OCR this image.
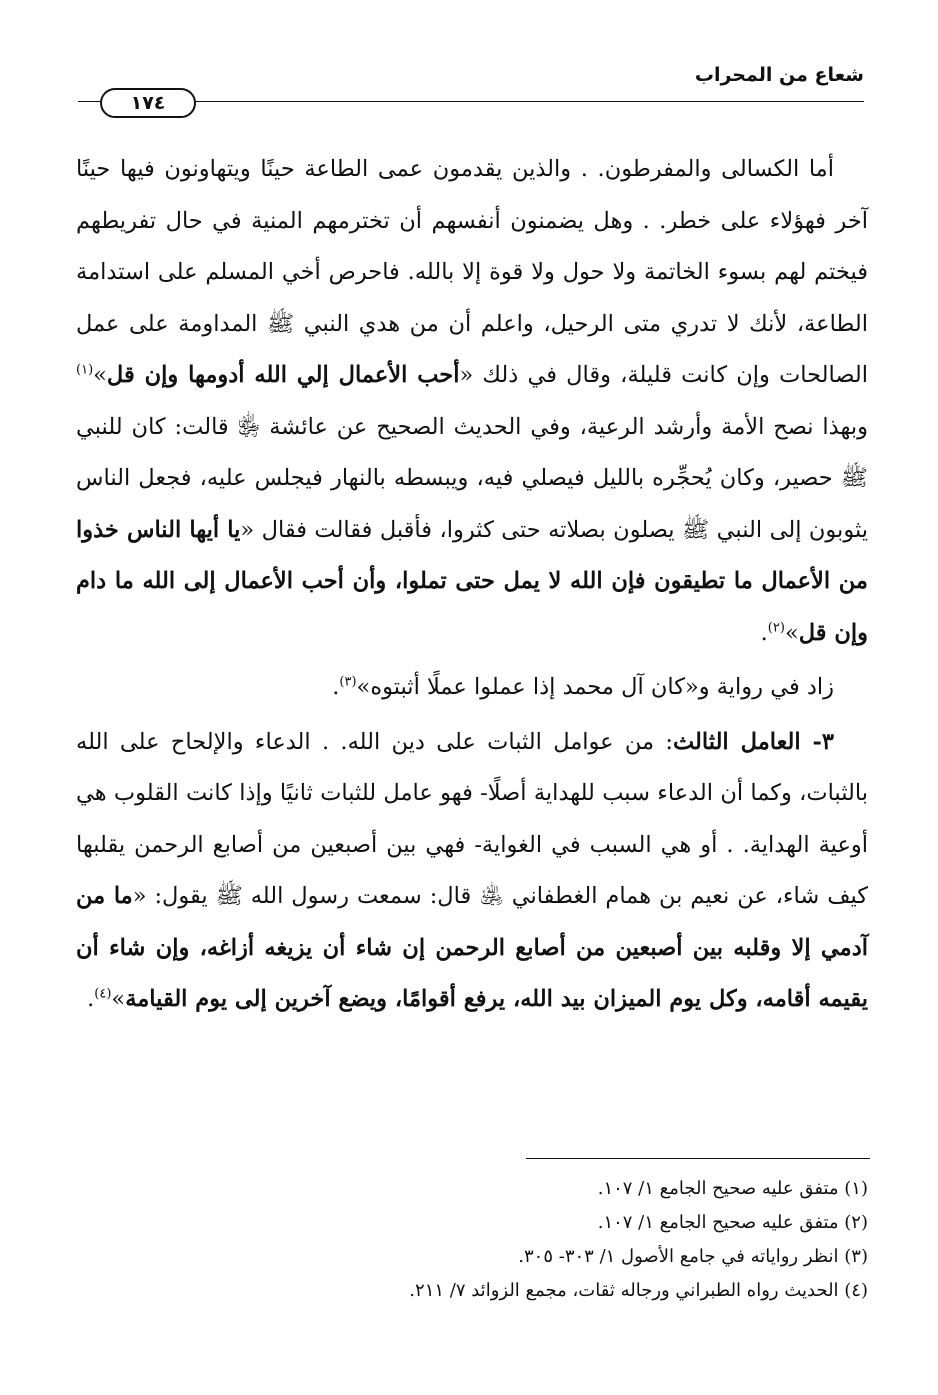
شعاع من المحراب
١٧٤

أما الكسالى والمفرطون. . والذين يقدمون عمى الطاعة حينًا ويتهاونون فيها حينًا آخر فهؤلاء على خطر. . وهل يضمنون أنفسهم أن تخترمهم المنية في حال تفريطهم فيختم لهم بسوء الخاتمة ولا حول ولا قوة إلا بالله. فاحرص أخي المسلم على استدامة الطاعة، لأنك لا تدري متى الرحيل، واعلم أن من هدي النبي ﷺ المداومة على عمل الصالحات وإن كانت قليلة، وقال في ذلك «أحب الأعمال إلي الله أدومها وإن قل»$^{(١)}$ وبهذا نصح الأمة وأرشد الرعية، وفي الحديث الصحيح عن عائشة ﵂ قالت: كان للنبي ﷺ حصير، وكان يُحجِّره بالليل فيصلي فيه، ويبسطه بالنهار فيجلس عليه، فجعل الناس يثوبون إلى النبي ﷺ يصلون بصلاته حتى كثروا، فأقبل فقالت فقال «يا أيها الناس خذوا من الأعمال ما تطيقون فإن الله لا يمل حتى تملوا، وأن أحب الأعمال إلى الله ما دام وإن قل»$^{(٢)}$.

زاد في رواية و«كان آل محمد إذا عملوا عملًا أثبتوه»$^{(٣)}$.

٣- العامل الثالث: من عوامل الثبات على دين الله. . الدعاء والإلحاح على الله بالثبات، وكما أن الدعاء سبب للهداية أصلًا- فهو عامل للثبات ثانيًا وإذا كانت القلوب هي أوعية الهداية. . أو هي السبب في الغواية- فهي بين أصبعين من أصابع الرحمن يقلبها كيف شاء، عن نعيم بن همام الغطفاني ﵁ قال: سمعت رسول الله ﷺ يقول: «ما من آدمي إلا وقلبه بين أصبعين من أصابع الرحمن إن شاء أن يزيغه أزاغه، وإن شاء أن يقيمه أقامه، وكل يوم الميزان بيد الله، يرفع أقوامًا، ويضع آخرين إلى يوم القيامة»$^{(٤)}$.

(١) متفق عليه صحيح الجامع ١/ ١٠٧.
(٢) متفق عليه صحيح الجامع ١/ ١٠٧.
(٣) انظر رواياته في جامع الأصول ١/ ٣٠٣- ٣٠٥.
(٤) الحديث رواه الطبراني ورجاله ثقات، مجمع الزوائد ٧/ ٢١١.
